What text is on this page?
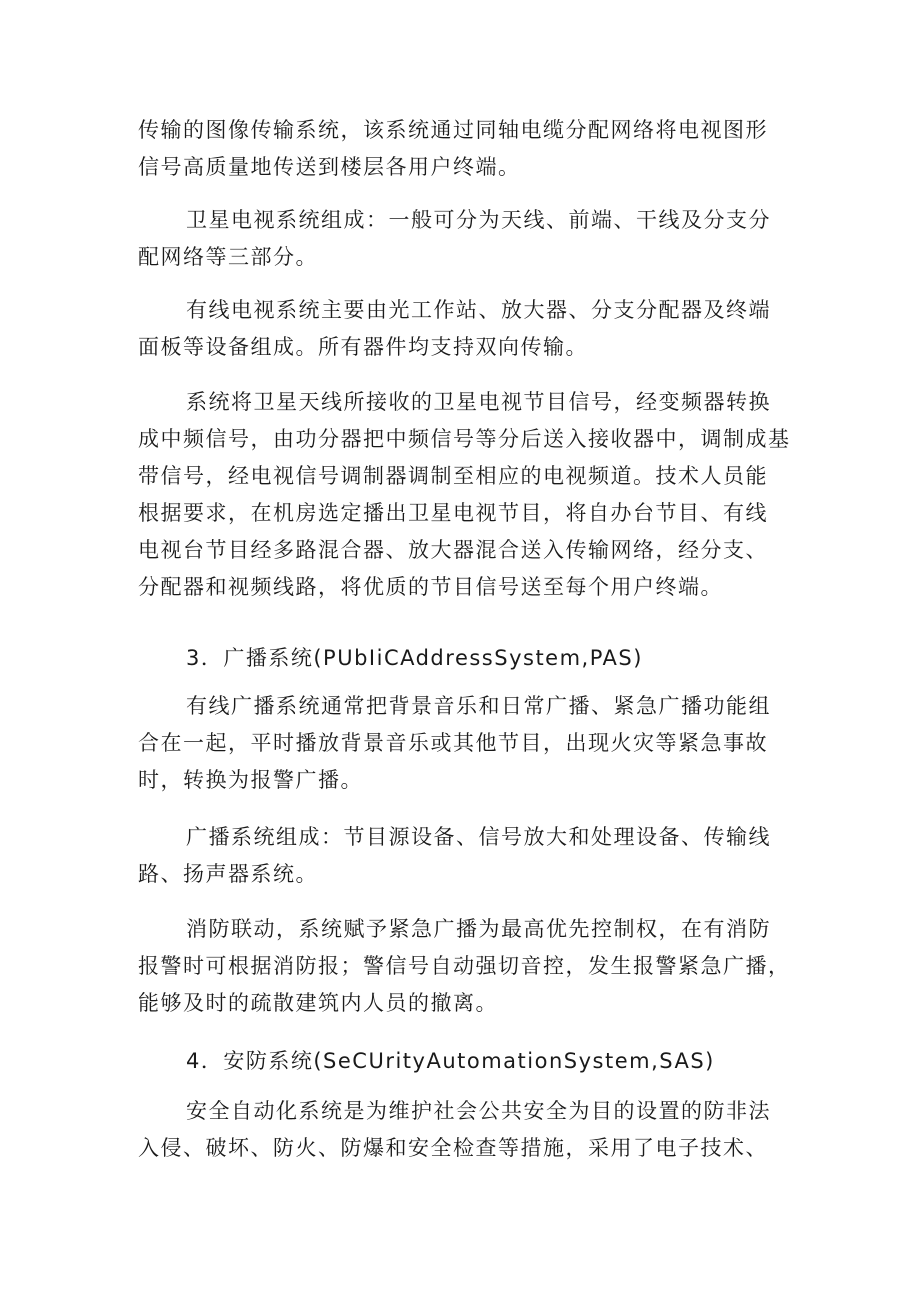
传输的图像传输系统，该系统通过同轴电缆分配网络将电视图形
信号高质量地传送到楼层各用户终端。
卫星电视系统组成：一般可分为天线、前端、干线及分支分
配网络等三部分。
有线电视系统主要由光工作站、放大器、分支分配器及终端
面板等设备组成。所有器件均支持双向传输。
系统将卫星天线所接收的卫星电视节目信号，经变频器转换
成中频信号，由功分器把中频信号等分后送入接收器中，调制成基
带信号，经电视信号调制器调制至相应的电视频道。技术人员能
根据要求，在机房选定播出卫星电视节目，将自办台节目、有线
电视台节目经多路混合器、放大器混合送入传输网络，经分支、
分配器和视频线路，将优质的节目信号送至每个用户终端。
3．广播系统(PUbIiCAddressSystem,PAS)
有线广播系统通常把背景音乐和日常广播、紧急广播功能组
合在一起，平时播放背景音乐或其他节目，出现火灾等紧急事故
时，转换为报警广播。
广播系统组成：节目源设备、信号放大和处理设备、传输线
路、扬声器系统。
消防联动，系统赋予紧急广播为最高优先控制权，在有消防
报警时可根据消防报；警信号自动强切音控，发生报警紧急广播，
能够及时的疏散建筑内人员的撤离。
4．安防系统(SeCUrityAutomationSystem,SAS)
安全自动化系统是为维护社会公共安全为目的设置的防非法
入侵、破坏、防火、防爆和安全检查等措施，采用了电子技术、
